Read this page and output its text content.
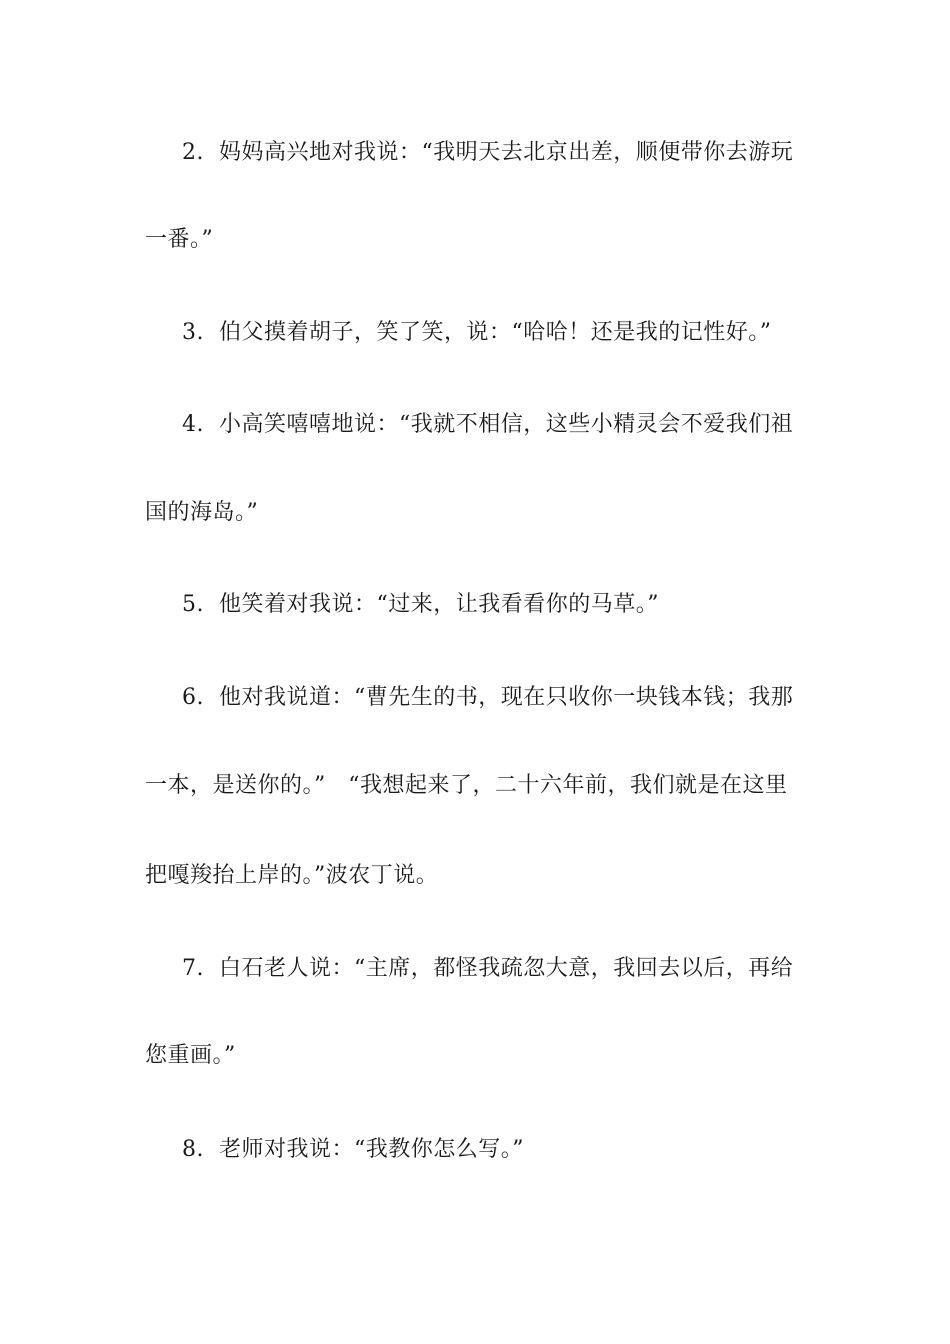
2. 妈妈高兴地对我说：“我明天去北京出差，顺便带你去游玩
一番。”
3. 伯父摸着胡子，笑了笑，说：“哈哈！还是我的记性好。”
4. 小高笑嘻嘻地说：“我就不相信，这些小精灵会不爱我们祖
国的海岛。”
5. 他笑着对我说：“过来，让我看看你的马草。”
6. 他对我说道：“曹先生的书，现在只收你一块钱本钱；我那
一本，是送你的。”　“我想起来了，二十六年前，我们就是在这里
把嘎羧抬上岸的。”波农丁说。
7. 白石老人说：“主席，都怪我疏忽大意，我回去以后，再给
您重画。”
8. 老师对我说：“我教你怎么写。”
